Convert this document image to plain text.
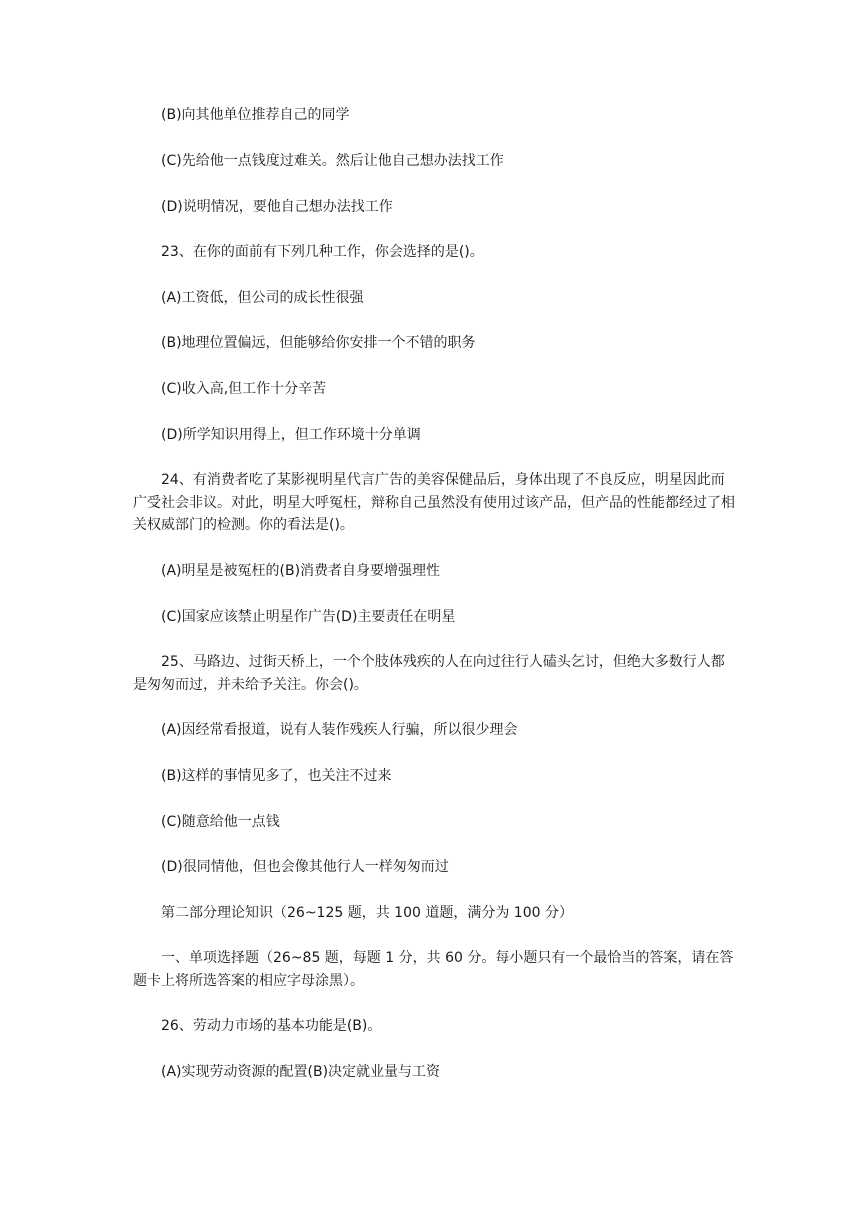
(B)向其他单位推荐自己的同学

(C)先给他一点钱度过难关。然后让他自己想办法找工作

(D)说明情况，要他自己想办法找工作

23、在你的面前有下列几种工作，你会选择的是()。

(A)工资低，但公司的成长性很强

(B)地理位置偏远，但能够给你安排一个不错的职务

(C)收入高,但工作十分辛苦

(D)所学知识用得上，但工作环境十分单调

24、有消费者吃了某影视明星代言广告的美容保健品后，身体出现了不良反应，明星因此而广受社会非议。对此，明星大呼冤枉，辩称自己虽然没有使用过该产品，但产品的性能都经过了相关权威部门的检测。你的看法是()。

(A)明星是被冤枉的(B)消费者自身要增强理性

(C)国家应该禁止明星作广告(D)主要责任在明星

25、马路边、过街天桥上，一个个肢体残疾的人在向过往行人磕头乞讨，但绝大多数行人都是匆匆而过，并未给予关注。你会()。

(A)因经常看报道，说有人装作残疾人行骗，所以很少理会

(B)这样的事情见多了，也关注不过来

(C)随意给他一点钱

(D)很同情他，但也会像其他行人一样匆匆而过

第二部分理论知识（26~125 题，共 100 道题，满分为 100 分）

一、单项选择题（26~85 题，每题 1 分，共 60 分。每小题只有一个最恰当的答案，请在答题卡上将所选答案的相应字母涂黑）。

26、劳动力市场的基本功能是(B)。

(A)实现劳动资源的配置(B)决定就业量与工资
